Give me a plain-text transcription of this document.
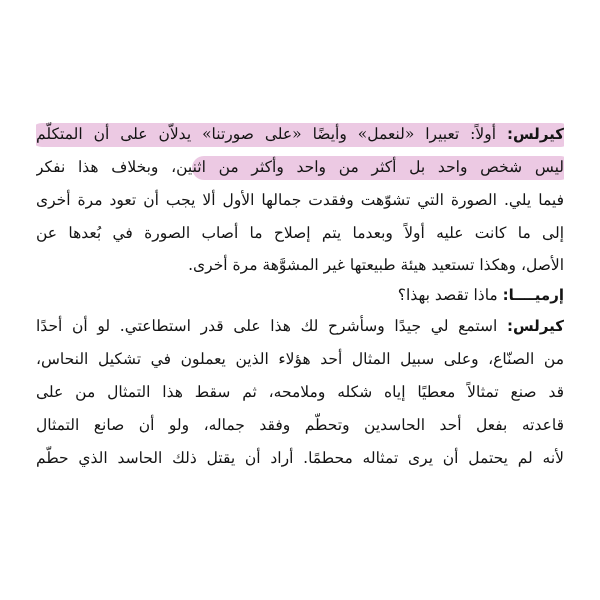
كيرلس: أولاً: تعبيرا «لنعمل» وأيضًا «على صورتنا» يدلاّن على أن المتكلّم
ليس شخص واحد بل أكثر من واحد وأكثر من اثنين، وبخلاف هذا نفكر
فيما يلي. الصورة التي تشوّهت وفقدت جمالها الأول ألا يجب أن تعود مرة أخرى
إلى ما كانت عليه أولاً وبعدما يتم إصلاح ما أصاب الصورة في بُعدها عن
الأصل، وهكذا تستعيد هيئة طبيعتها غير المشوَّهة مرة أخرى.
إرميــــا: ماذا تقصد بهذا؟
كيرلس: استمع لي جيدًا وسأشرح لك هذا على قدر استطاعتي. لو أن أحدًا
من الصنّاع، وعلى سبيل المثال أحد هؤلاء الذين يعملون في تشكيل النحاس،
قد صنع تمثالاً معطيًا إياه شكله وملامحه، ثم سقط هذا التمثال من على
قاعدته بفعل أحد الحاسدين وتحطّم وفقد جماله، ولو أن صانع التمثال
لأنه لم يحتمل أن يرى تمثاله محطمًا. أراد أن يقتل ذلك الحاسد الذي حطّم
